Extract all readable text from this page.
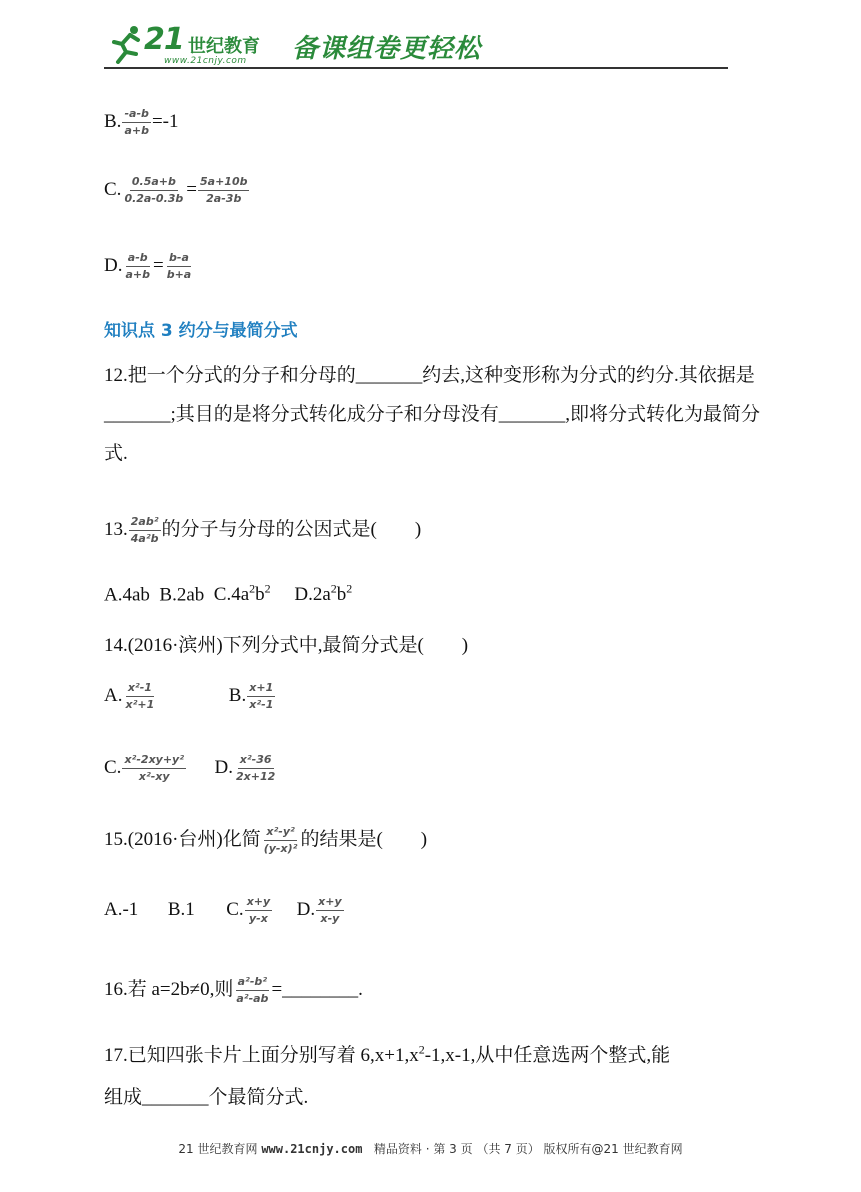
21 世纪教育
www.21cnjy.com 备课组卷更轻松
B. $\frac{-a-b}{a+b} =-1$
C. $\frac{0.5a+b}{0.2a-0.3b} = \frac{5a+10b}{2a-3b}$
D. $\frac{a-b}{a+b} = \frac{b-a}{b+a}$
知识点 3 约分与最简分式
12.把一个分式的分子和分母的_______约去,这种变形称为分式的约分.其依据是_______;其目的是将分式转化成分子和分母没有_______,即将分式转化为最简分式.
13. $\frac{\text{2ab²}}{\text{4a²b}}$ 的分子与分母的公因式是(　　)
A.4ab B.2ab $C.4a^2b^2$ $D.2a^2b^2$
14.(2016·滨州)下列分式中,最简分式是(　　)
A. $\frac{\text{x²-1}}{\text{x²+1}}$	B. $\frac{x+1}{\text{x²-1}}$
C. $\frac{\text{x²-2xy+y²}}{\text{x²-xy}} D$. $\frac{\text{x²-36}}{2x+12}$
15.(2016·台州)化简 $\frac{\text{x²-y²}}{\text{(y-x)²}}$ 的结果是(　　)
A.-1 B.1 C. $\frac{x+y}{y-x} D$. $\frac{x+y}{x-y}$
16.若 a=2b≠0,则 $\frac{\text{a²-b²}}{\text{a²-ab}}$ =________.
17.已知四张卡片上面分别写着 $6,x+1,x^2-1,x-1$,从中任意选两个整式,能
组成_______个最简分式.
21 世纪教育网 www.21cnjy.com 精品资料 · 第 3 页 （共 7 页） 版权所有@21 世纪教育网
